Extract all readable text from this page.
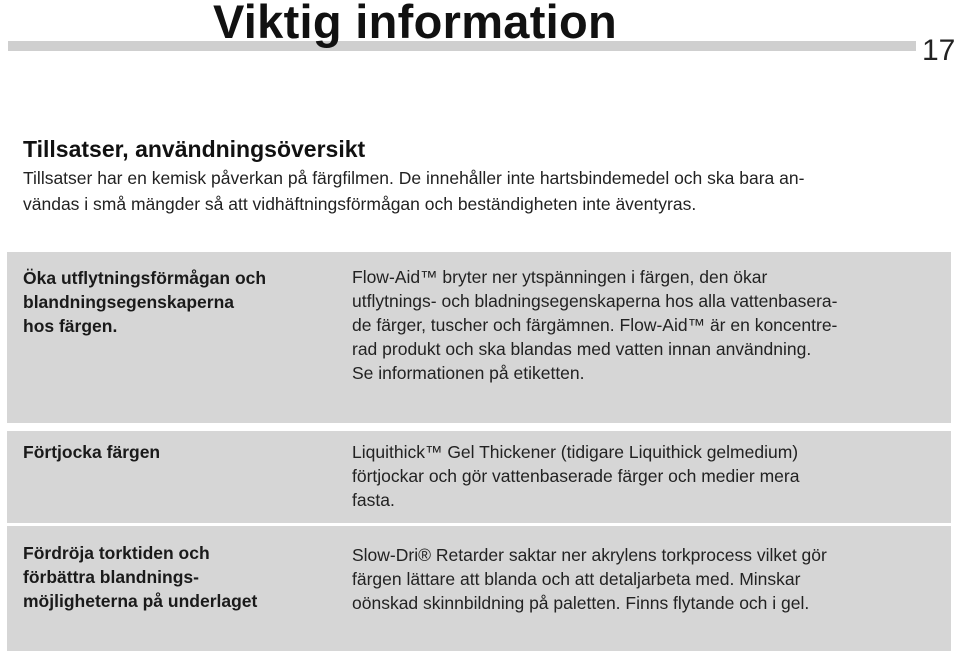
Viktig information
17
Tillsatser, användningsöversikt
Tillsatser har en kemisk påverkan på färgfilmen. De innehåller inte hartsbindemedel och ska bara an-
vändas i små mängder så att vidhäftningsförmågan och beständigheten inte äventyras.
Öka utflytningsförmågan och
blandningsegenskaperna
hos färgen.
Flow-Aid™ bryter ner ytspänningen i färgen, den ökar
utflytnings- och bladningsegenskaperna hos alla vattenbasera-
de färger, tuscher och färgämnen. Flow-Aid™ är en koncentre-
rad produkt och ska blandas med vatten innan användning.
Se informationen på etiketten.
Förtjocka färgen	Liquithick™ Gel Thickener (tidigare Liquithick gelmedium)
förtjockar och gör vattenbaserade färger och medier mera
fasta.
Fördröja torktiden och
förbättra blandnings-
möjligheterna på underlaget
Slow-Dri® Retarder saktar ner akrylens torkprocess vilket gör
färgen lättare att blanda och att detaljarbeta med. Minskar
oönskad skinnbildning på paletten. Finns flytande och i gel.
